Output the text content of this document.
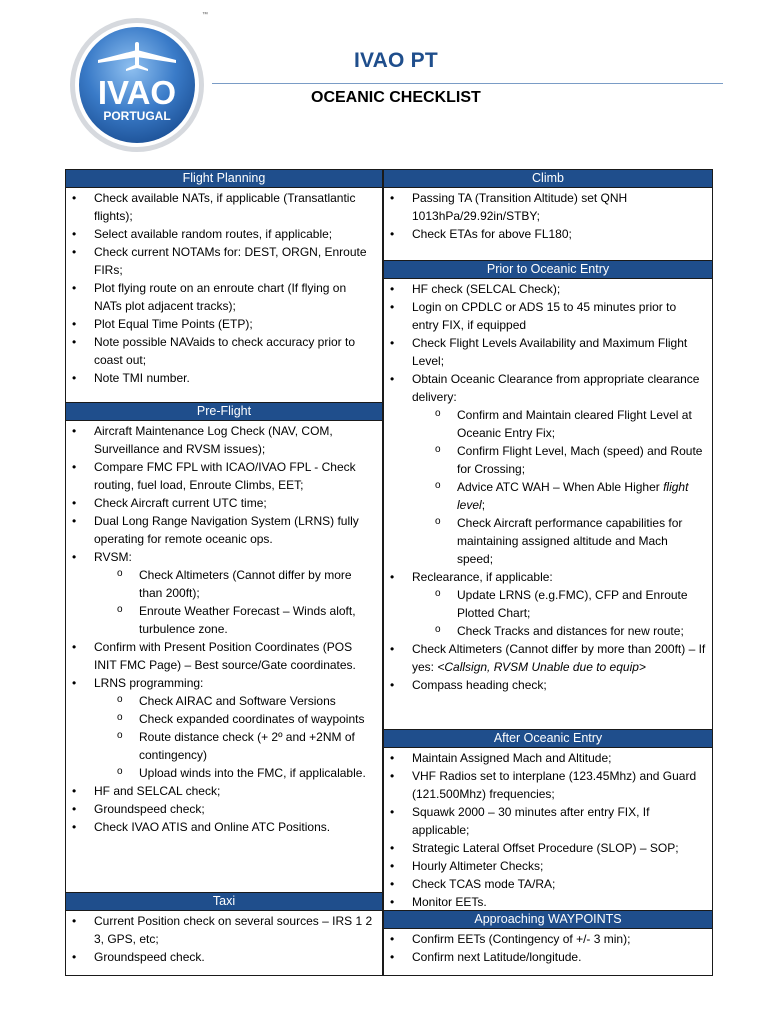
IVAO
PORTUGAL
™
IVAO PT
OCEANIC CHECKLIST
Flight Planning
• Check available NATs, if applicable (Transatlantic flights);
• Select available random routes, if applicable;
• Check current NOTAMs for: DEST, ORGN, Enroute FIRs;
• Plot flying route on an enroute chart (If flying on NATs plot adjacent tracks);
• Plot Equal Time Points (ETP);
• Note possible NAVaids to check accuracy prior to coast out;
• Note TMI number.
Pre-Flight
• Aircraft Maintenance Log Check (NAV, COM, Surveillance and RVSM issues);
• Compare FMC FPL with ICAO/IVAO FPL - Check routing, fuel load, Enroute Climbs, EET;
• Check Aircraft current UTC time;
• Dual Long Range Navigation System (LRNS) fully operating for remote oceanic ops.
• RVSM:
o Check Altimeters (Cannot differ by more than 200ft);
o Enroute Weather Forecast – Winds aloft, turbulence zone.
• Confirm with Present Position Coordinates (POS INIT FMC Page) – Best source/Gate coordinates.
• LRNS programming:
o Check AIRAC and Software Versions
o Check expanded coordinates of waypoints
o Route distance check (+ 2º and +2NM of contingency)
o Upload winds into the FMC, if applicalable.
• HF and SELCAL check;
• Groundspeed check;
• Check IVAO ATIS and Online ATC Positions.
Taxi
• Current Position check on several sources – IRS 1 2 3, GPS, etc;
• Groundspeed check.
Climb
• Passing TA (Transition Altitude) set QNH 1013hPa/29.92in/STBY;
• Check ETAs for above FL180;
Prior to Oceanic Entry
• HF check (SELCAL Check);
• Login on CPDLC or ADS 15 to 45 minutes prior to entry FIX, if equipped
• Check Flight Levels Availability and Maximum Flight Level;
• Obtain Oceanic Clearance from appropriate clearance delivery:
o Confirm and Maintain cleared Flight Level at Oceanic Entry Fix;
o Confirm Flight Level, Mach (speed) and Route for Crossing;
o Advice ATC WAH – When Able Higher flight level;
o Check Aircraft performance capabilities for maintaining assigned altitude and Mach speed;
• Reclearance, if applicable:
o Update LRNS (e.g.FMC), CFP and Enroute Plotted Chart;
o Check Tracks and distances for new route;
• Check Altimeters (Cannot differ by more than 200ft) – If yes: <Callsign, RVSM Unable due to equip>
• Compass heading check;
After Oceanic Entry
• Maintain Assigned Mach and Altitude;
• VHF Radios set to interplane (123.45Mhz) and Guard (121.500Mhz) frequencies;
• Squawk 2000 – 30 minutes after entry FIX, If applicable;
• Strategic Lateral Offset Procedure (SLOP) – SOP;
• Hourly Altimeter Checks;
• Check TCAS mode TA/RA;
• Monitor EETs.
Approaching WAYPOINTS
• Confirm EETs (Contingency of +/- 3 min);
• Confirm next Latitude/longitude.
